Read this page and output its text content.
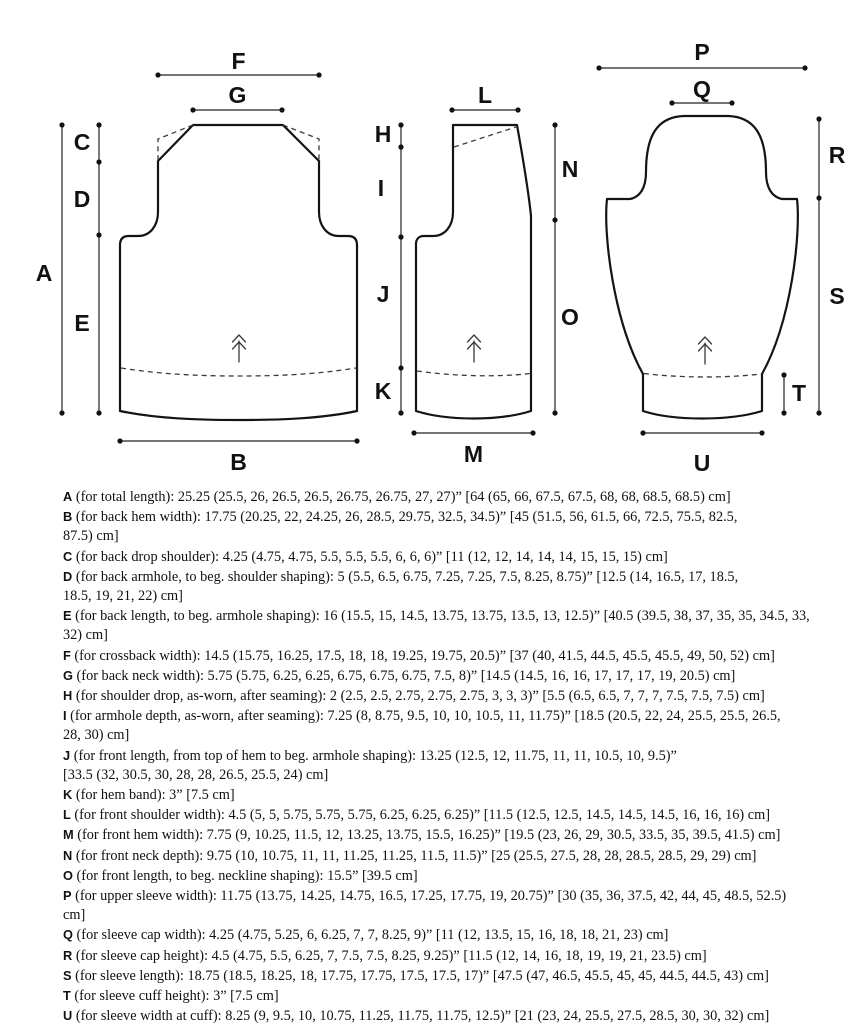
F
G
A
C
D
E
B
L
H
I
J
K
N
O
M
P
Q
R
S
T
U
A (for total length): 25.25 (25.5, 26, 26.5, 26.5, 26.75, 26.75, 27, 27)” [64 (65, 66, 67.5, 67.5, 68, 68, 68.5, 68.5) cm]
B (for back hem width): 17.75 (20.25, 22, 24.25, 26, 28.5, 29.75, 32.5, 34.5)” [45 (51.5, 56, 61.5, 66, 72.5, 75.5, 82.5,
87.5) cm]
C (for back drop shoulder): 4.25 (4.75, 4.75, 5.5, 5.5, 5.5, 6, 6, 6)” [11 (12, 12, 14, 14, 14, 15, 15, 15) cm]
D (for back armhole, to beg. shoulder shaping): 5 (5.5, 6.5, 6.75, 7.25, 7.25, 7.5, 8.25, 8.75)” [12.5 (14, 16.5, 17, 18.5,
18.5, 19, 21, 22) cm]
E (for back length, to beg. armhole shaping): 16 (15.5, 15, 14.5, 13.75, 13.75, 13.5, 13, 12.5)” [40.5 (39.5, 38, 37, 35, 35, 34.5, 33,
32) cm]
F (for crossback width): 14.5 (15.75, 16.25, 17.5, 18, 18, 19.25, 19.75, 20.5)” [37 (40, 41.5, 44.5, 45.5, 45.5, 49, 50, 52) cm]
G (for back neck width): 5.75 (5.75, 6.25, 6.25, 6.75, 6.75, 6.75, 7.5, 8)” [14.5 (14.5, 16, 16, 17, 17, 17, 19, 20.5) cm]
H (for shoulder drop, as-worn, after seaming): 2 (2.5, 2.5, 2.75, 2.75, 2.75, 3, 3, 3)” [5.5 (6.5, 6.5, 7, 7, 7, 7.5, 7.5, 7.5) cm]
I (for armhole depth, as-worn, after seaming): 7.25 (8, 8.75, 9.5, 10, 10, 10.5, 11, 11.75)” [18.5 (20.5, 22, 24, 25.5, 25.5, 26.5,
28, 30) cm]
J (for front length, from top of hem to beg. armhole shaping): 13.25 (12.5, 12, 11.75, 11, 11, 10.5, 10, 9.5)”
[33.5 (32, 30.5, 30, 28, 28, 26.5, 25.5, 24) cm]
K (for hem band): 3” [7.5 cm]
L (for front shoulder width): 4.5 (5, 5, 5.75, 5.75, 5.75, 6.25, 6.25, 6.25)” [11.5 (12.5, 12.5, 14.5, 14.5, 14.5, 16, 16, 16) cm]
M (for front hem width): 7.75 (9, 10.25, 11.5, 12, 13.25, 13.75, 15.5, 16.25)” [19.5 (23, 26, 29, 30.5, 33.5, 35, 39.5, 41.5) cm]
N (for front neck depth): 9.75 (10, 10.75, 11, 11, 11.25, 11.25, 11.5, 11.5)” [25 (25.5, 27.5, 28, 28, 28.5, 28.5, 29, 29) cm]
O (for front length, to beg. neckline shaping): 15.5” [39.5 cm]
P (for upper sleeve width): 11.75 (13.75, 14.25, 14.75, 16.5, 17.25, 17.75, 19, 20.75)” [30 (35, 36, 37.5, 42, 44, 45, 48.5, 52.5)
cm]
Q (for sleeve cap width): 4.25 (4.75, 5.25, 6, 6.25, 7, 7, 8.25, 9)” [11 (12, 13.5, 15, 16, 18, 18, 21, 23) cm]
R (for sleeve cap height): 4.5 (4.75, 5.5, 6.25, 7, 7.5, 7.5, 8.25, 9.25)” [11.5 (12, 14, 16, 18, 19, 19, 21, 23.5) cm]
S (for sleeve length): 18.75 (18.5, 18.25, 18, 17.75, 17.75, 17.5, 17.5, 17)” [47.5 (47, 46.5, 45.5, 45, 45, 44.5, 44.5, 43) cm]
T (for sleeve cuff height): 3” [7.5 cm]
U (for sleeve width at cuff): 8.25 (9, 9.5, 10, 10.75, 11.25, 11.75, 11.75, 12.5)” [21 (23, 24, 25.5, 27.5, 28.5, 30, 30, 32) cm]
